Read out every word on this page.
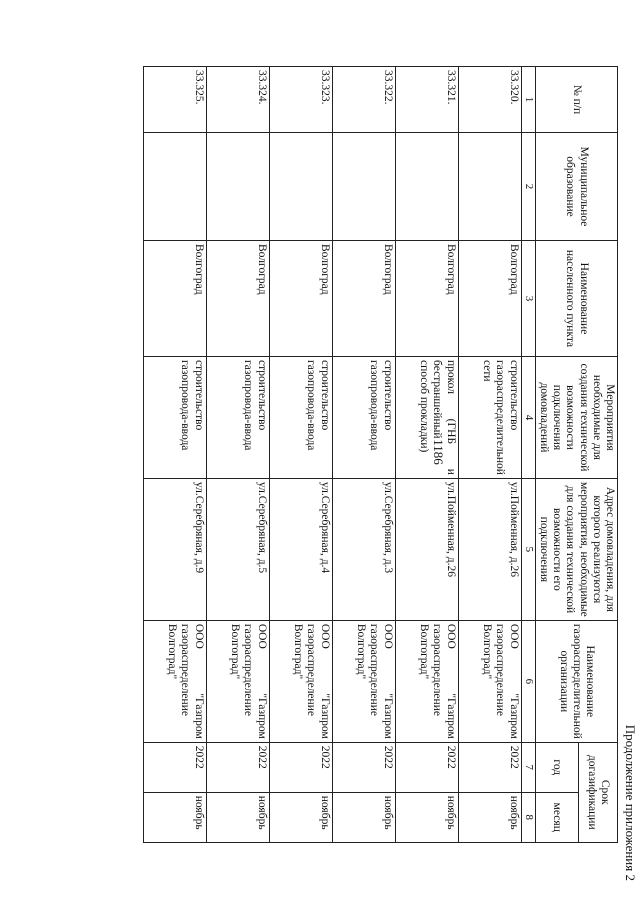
1186
Продолжение приложения 2
№ п/п	Муниципальное образование	Наименование населенного пункта	Мероприятия необходимые для создания технической возможности подключения домовладений	Адрес домовладения, для которого реализуются мероприятия, необходимые для создания технической возможности его подключения	Наименование газораспределительной организации	Срок догазификации	
						год	месяц
1	2	3	4	5	6	7	8
33.320.		Волгоград	строительство газораспределительной сети	ул.Пойменная, д.26	ООО "Газпром газораспределение Волгоград"	2022	ноябрь
33.321.		Волгоград	прокол (ГНБ и бестраншейный способ прокладки)	ул.Пойменная, д.26	ООО "Газпром газораспределение Волгоград"	2022	ноябрь
33.322.		Волгоград	строительство газопровода-ввода	ул.Серебряная, д.3	ООО "Газпром газораспределение Волгоград"	2022	ноябрь
33.323.		Волгоград	строительство газопровода-ввода	ул.Серебряная, д.4	ООО "Газпром газораспределение Волгоград"	2022	ноябрь
33.324.		Волгоград	строительство газопровода-ввода	ул.Серебряная, д.5	ООО "Газпром газораспределение Волгоград"	2022	ноябрь
33.325.		Волгоград	строительство газопровода-ввода	ул.Серебряная, д.9	ООО "Газпром газораспределение Волгоград"	2022	ноябрь
